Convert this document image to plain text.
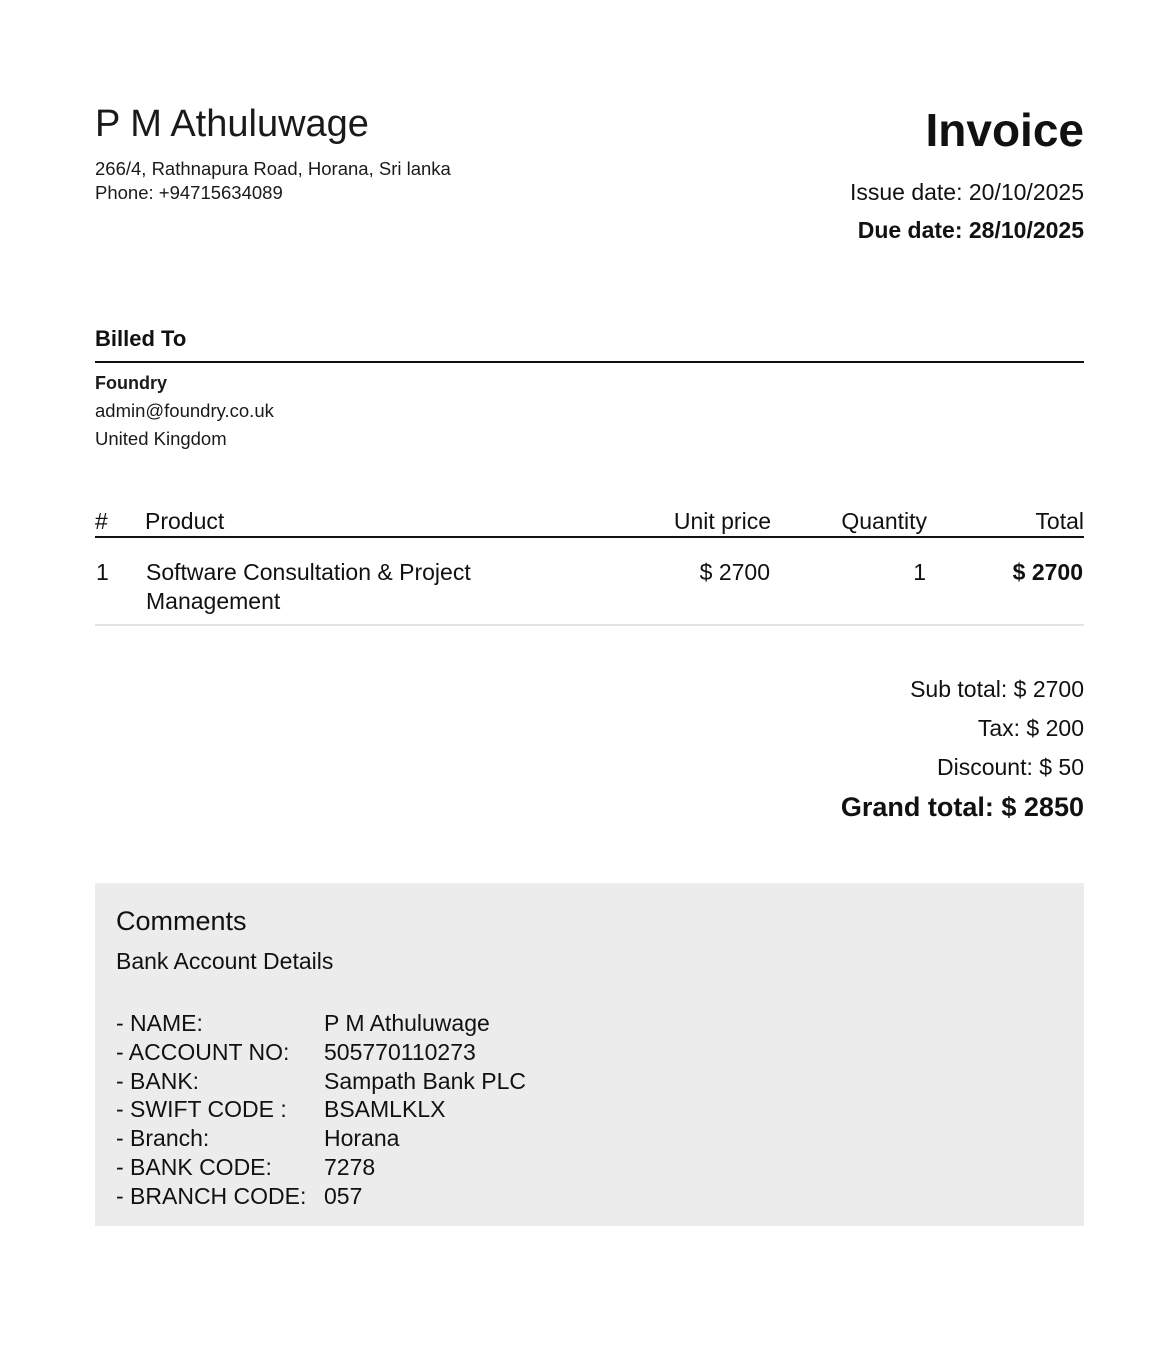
P M Athuluwage
266/4, Rathnapura Road, Horana, Sri lanka
Phone: +94715634089
Invoice
Issue date: 20/10/2025
Due date: 28/10/2025
Billed To
Foundry
admin@foundry.co.uk
United Kingdom
#	Product	Unit price	Quantity	Total
1	Software Consultation & Project Management	$ 2700	1	$ 2700
Sub total: $ 2700
Tax: $ 200
Discount: $ 50
Grand total: $ 2850
Comments
Bank Account Details
- NAME:	P M Athuluwage
- ACCOUNT NO:	505770110273
- BANK:	Sampath Bank PLC
- SWIFT CODE :	BSAMLKLX
- Branch:	Horana
- BANK CODE:	7278
- BRANCH CODE: 057
